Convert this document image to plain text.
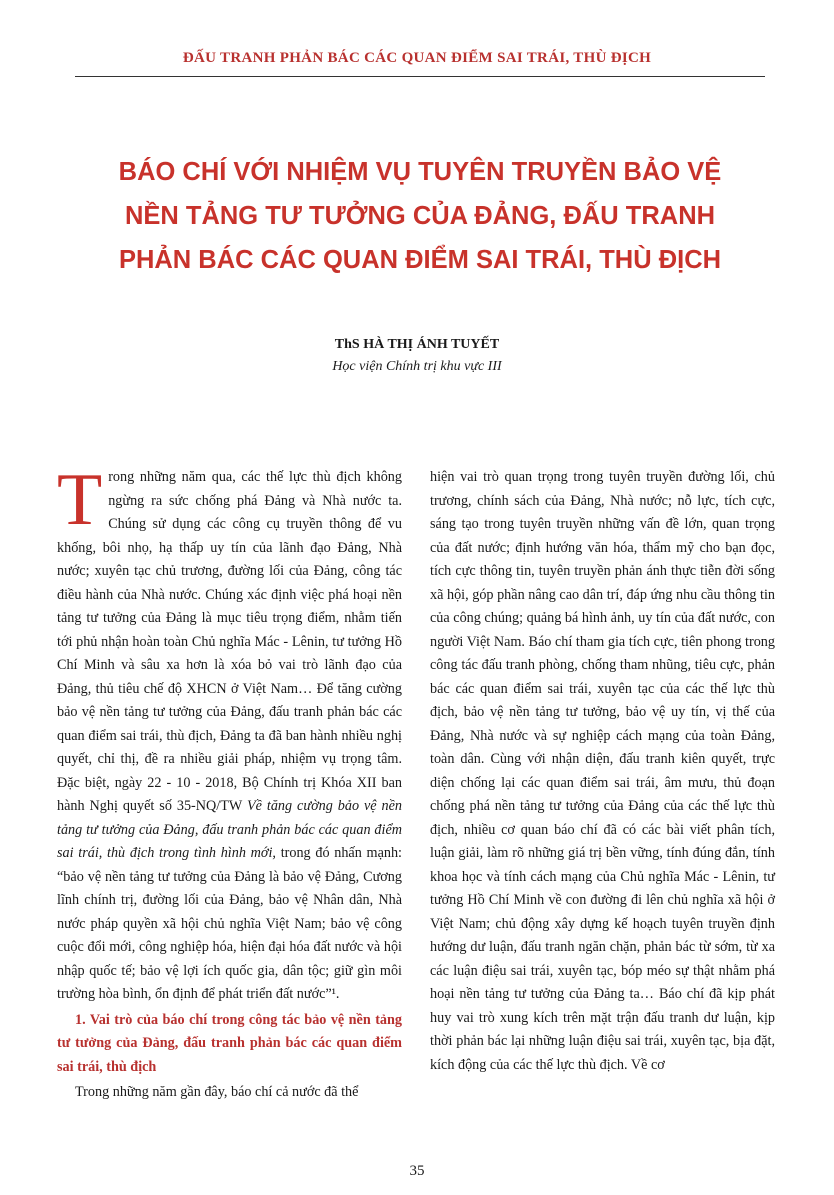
ĐẤU TRANH PHẢN BÁC CÁC QUAN ĐIỂM SAI TRÁI, THÙ ĐỊCH
BÁO CHÍ VỚI NHIỆM VỤ TUYÊN TRUYỀN BẢO VỆ
NỀN TẢNG TƯ TƯỞNG CỦA ĐẢNG, ĐẤU TRANH
PHẢN BÁC CÁC QUAN ĐIỂM SAI TRÁI, THÙ ĐỊCH
ThS HÀ THỊ ÁNH TUYẾT
Học viện Chính trị khu vực III

Trong những năm qua, các thế lực thù địch không ngừng ra sức chống phá Đảng và Nhà nước ta. Chúng sử dụng các công cụ truyền thông để vu khống, bôi nhọ, hạ thấp uy tín của lãnh đạo Đảng, Nhà nước; xuyên tạc chủ trương, đường lối của Đảng, công tác điều hành của Nhà nước. Chúng xác định việc phá hoại nền tảng tư tưởng của Đảng là mục tiêu trọng điểm, nhằm tiến tới phủ nhận hoàn toàn Chủ nghĩa Mác - Lênin, tư tưởng Hồ Chí Minh và sâu xa hơn là xóa bỏ vai trò lãnh đạo của Đảng, thủ tiêu chế độ XHCN ở Việt Nam… Để tăng cường bảo vệ nền tảng tư tưởng của Đảng, đấu tranh phản bác các quan điểm sai trái, thù địch, Đảng ta đã ban hành nhiều nghị quyết, chỉ thị, đề ra nhiều giải pháp, nhiệm vụ trọng tâm. Đặc biệt, ngày 22 - 10 - 2018, Bộ Chính trị Khóa XII ban hành Nghị quyết số 35-NQ/TW Về tăng cường bảo vệ nền tảng tư tưởng của Đảng, đấu tranh phản bác các quan điểm sai trái, thù địch trong tình hình mới, trong đó nhấn mạnh: “bảo vệ nền tảng tư tưởng của Đảng là bảo vệ Đảng, Cương lĩnh chính trị, đường lối của Đảng, bảo vệ Nhân dân, Nhà nước pháp quyền xã hội chủ nghĩa Việt Nam; bảo vệ công cuộc đổi mới, công nghiệp hóa, hiện đại hóa đất nước và hội nhập quốc tế; bảo vệ lợi ích quốc gia, dân tộc; giữ gìn môi trường hòa bình, ổn định để phát triển đất nước”¹.

1. Vai trò của báo chí trong công tác bảo vệ nền tảng tư tưởng của Đảng, đấu tranh phản bác các quan điểm sai trái, thù địch

Trong những năm gần đây, báo chí cả nước đã thể

hiện vai trò quan trọng trong tuyên truyền đường lối, chủ trương, chính sách của Đảng, Nhà nước; nỗ lực, tích cực, sáng tạo trong tuyên truyền những vấn đề lớn, quan trọng của đất nước; định hướng văn hóa, thẩm mỹ cho bạn đọc, tích cực thông tin, tuyên truyền phản ánh thực tiễn đời sống xã hội, góp phần nâng cao dân trí, đáp ứng nhu cầu thông tin của công chúng; quảng bá hình ảnh, uy tín của đất nước, con người Việt Nam. Báo chí tham gia tích cực, tiên phong trong công tác đấu tranh phòng, chống tham nhũng, tiêu cực, phản bác các quan điểm sai trái, xuyên tạc của các thế lực thù địch, bảo vệ nền tảng tư tưởng, bảo vệ uy tín, vị thế của Đảng, Nhà nước và sự nghiệp cách mạng của toàn Đảng, toàn dân. Cùng với nhận diện, đấu tranh kiên quyết, trực diện chống lại các quan điểm sai trái, âm mưu, thủ đoạn chống phá nền tảng tư tưởng của Đảng của các thế lực thù địch, nhiều cơ quan báo chí đã có các bài viết phân tích, luận giải, làm rõ những giá trị bền vững, tính đúng đắn, tính khoa học và tính cách mạng của Chủ nghĩa Mác - Lênin, tư tưởng Hồ Chí Minh về con đường đi lên chủ nghĩa xã hội ở Việt Nam; chủ động xây dựng kế hoạch tuyên truyền định hướng dư luận, đấu tranh ngăn chặn, phản bác từ sớm, từ xa các luận điệu sai trái, xuyên tạc, bóp méo sự thật nhằm phá hoại nền tảng tư tưởng của Đảng ta… Báo chí đã kịp phát huy vai trò xung kích trên mặt trận đấu tranh dư luận, kịp thời phản bác lại những luận điệu sai trái, xuyên tạc, bịa đặt, kích động của các thế lực thù địch. Về cơ

35
